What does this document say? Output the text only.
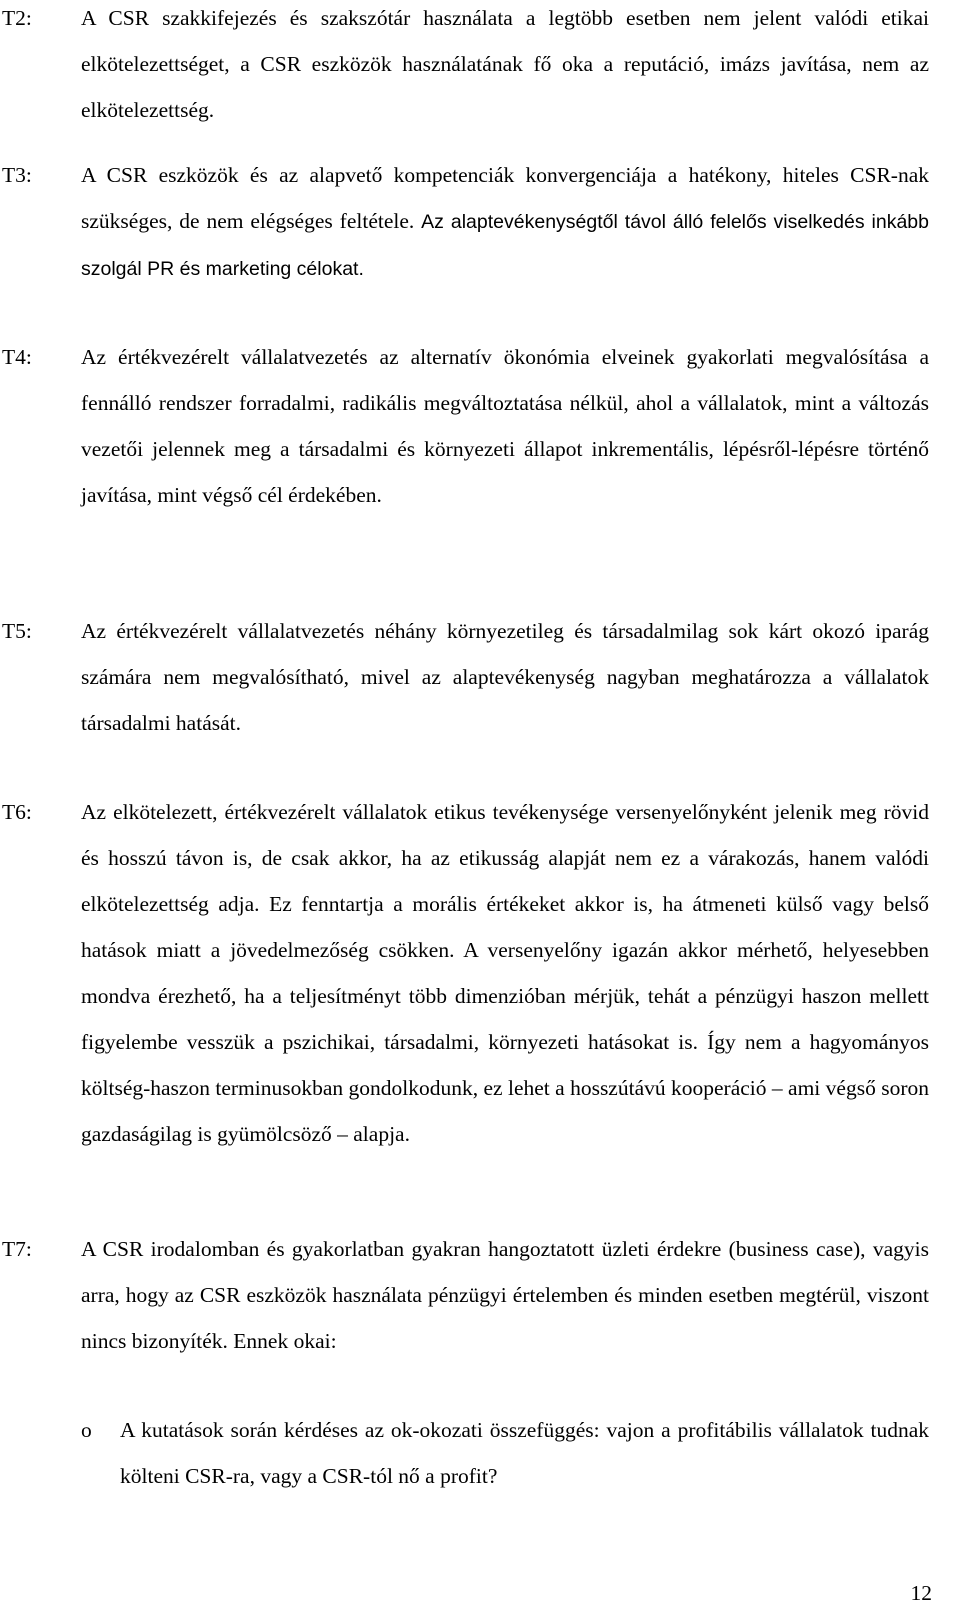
T2: A CSR szakkifejezés és szakszótár használata a legtöbb esetben nem jelent valódi etikai elkötelezettséget, a CSR eszközök használatának fő oka a reputáció, imázs javítása, nem az elkötelezettség.
T3: A CSR eszközök és az alapvető kompetenciák konvergenciája a hatékony, hiteles CSR-nak szükséges, de nem elégséges feltétele. Az alaptevékenységtől távol álló felelős viselkedés inkább szolgál PR és marketing célokat.
T4: Az értékvezérelt vállalatvezetés az alternatív ökonómia elveinek gyakorlati megvalósítása a fennálló rendszer forradalmi, radikális megváltoztatása nélkül, ahol a vállalatok, mint a változás vezetői jelennek meg a társadalmi és környezeti állapot inkrementális, lépésről-lépésre történő javítása, mint végső cél érdekében.
T5: Az értékvezérelt vállalatvezetés néhány környezetileg és társadalmilag sok kárt okozó iparág számára nem megvalósítható, mivel az alaptevékenység nagyban meghatározza a vállalatok társadalmi hatását.
T6: Az elkötelezett, értékvezérelt vállalatok etikus tevékenysége versenyelőnyként jelenik meg rövid és hosszú távon is, de csak akkor, ha az etikusság alapját nem ez a várakozás, hanem valódi elkötelezettség adja. Ez fenntartja a morális értékeket akkor is, ha átmeneti külső vagy belső hatások miatt a jövedelmezőség csökken. A versenyelőny igazán akkor mérhető, helyesebben mondva érezhető, ha a teljesítményt több dimenzióban mérjük, tehát a pénzügyi haszon mellett figyelembe vesszük a pszichikai, társadalmi, környezeti hatásokat is. Így nem a hagyományos költség-haszon terminusokban gondolkodunk, ez lehet a hosszútávú kooperáció – ami végső soron gazdaságilag is gyümölcsöző – alapja.
T7: A CSR irodalomban és gyakorlatban gyakran hangoztatott üzleti érdekre (business case), vagyis arra, hogy az CSR eszközök használata pénzügyi értelemben és minden esetben megtérül, viszont nincs bizonyíték. Ennek okai:
o A kutatások során kérdéses az ok-okozati összefüggés: vajon a profitábilis vállalatok tudnak költeni CSR-ra, vagy a CSR-tól nő a profit?
12
